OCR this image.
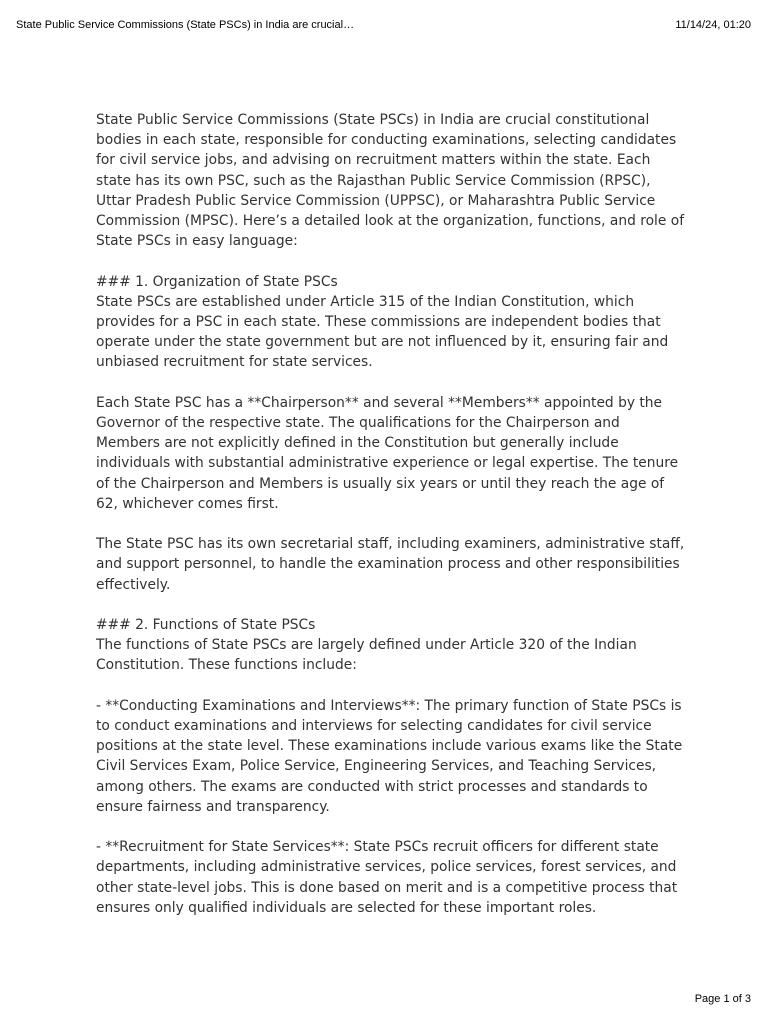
State Public Service Commissions (State PSCs) in India are crucial…	11/14/24, 01:20

State Public Service Commissions (State PSCs) in India are crucial constitutional bodies in each state, responsible for conducting examinations, selecting candidates for civil service jobs, and advising on recruitment matters within the state. Each state has its own PSC, such as the Rajasthan Public Service Commission (RPSC), Uttar Pradesh Public Service Commission (UPPSC), or Maharashtra Public Service Commission (MPSC). Here’s a detailed look at the organization, functions, and role of State PSCs in easy language:

### 1. Organization of State PSCs

State PSCs are established under Article 315 of the Indian Constitution, which provides for a PSC in each state. These commissions are independent bodies that operate under the state government but are not influenced by it, ensuring fair and unbiased recruitment for state services.

Each State PSC has a **Chairperson** and several **Members** appointed by the Governor of the respective state. The qualifications for the Chairperson and Members are not explicitly defined in the Constitution but generally include individuals with substantial administrative experience or legal expertise. The tenure of the Chairperson and Members is usually six years or until they reach the age of 62, whichever comes first.

The State PSC has its own secretarial staff, including examiners, administrative staff, and support personnel, to handle the examination process and other responsibilities effectively.

### 2. Functions of State PSCs

The functions of State PSCs are largely defined under Article 320 of the Indian Constitution. These functions include:

- **Conducting Examinations and Interviews**: The primary function of State PSCs is to conduct examinations and interviews for selecting candidates for civil service positions at the state level. These examinations include various exams like the State Civil Services Exam, Police Service, Engineering Services, and Teaching Services, among others. The exams are conducted with strict processes and standards to ensure fairness and transparency.

- **Recruitment for State Services**: State PSCs recruit officers for different state departments, including administrative services, police services, forest services, and other state-level jobs. This is done based on merit and is a competitive process that ensures only qualified individuals are selected for these important roles.

Page 1 of 3
